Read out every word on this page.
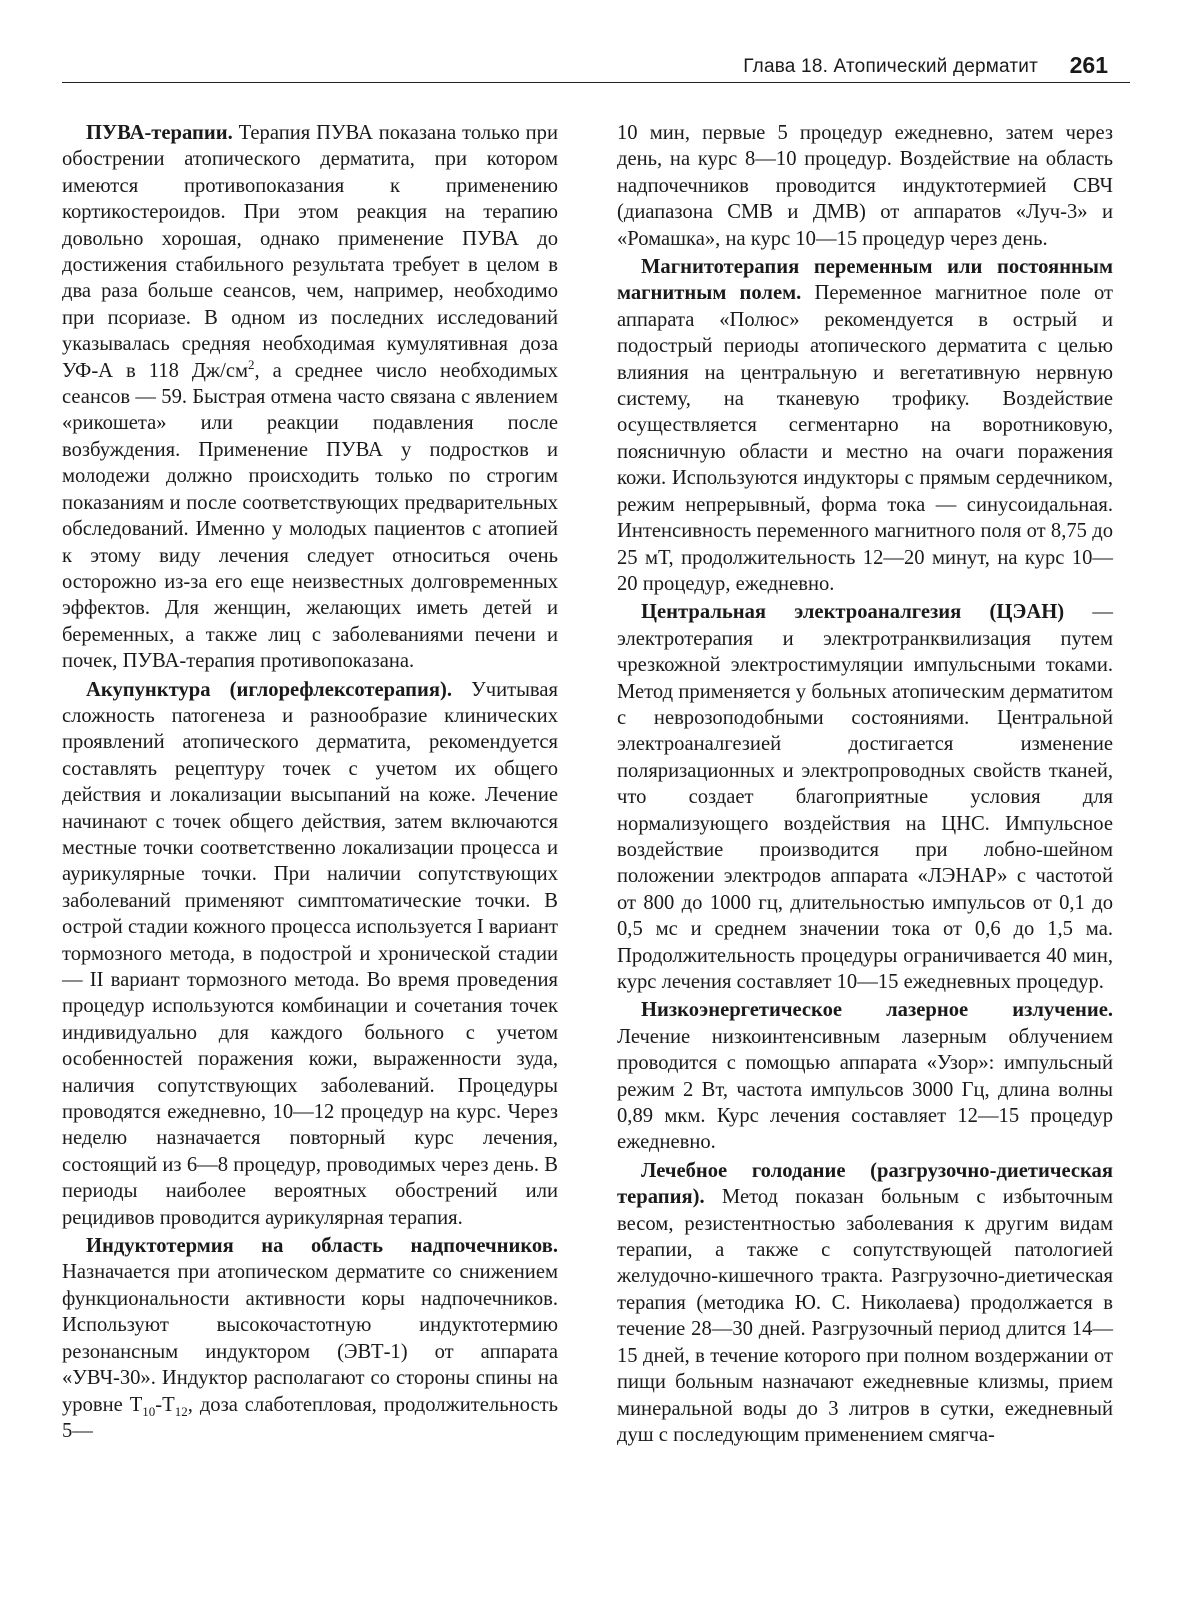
Глава 18. Атопический дерматит 261

ПУВА-терапии. Терапия ПУВА показана только при обострении атопического дерматита, при котором имеются противопоказания к применению кортикостероидов. При этом реакция на терапию довольно хорошая, однако применение ПУВА до достижения стабильного результата требует в целом в два раза больше сеансов, чем, например, необходимо при псориазе. В одном из последних исследований указывалась средняя необходимая кумулятивная доза УФ-А в 118 $Дж/см^2$, а среднее число необходимых сеансов — 59. Быстрая отмена часто связана с явлением «рикошета» или реакции подавления после возбуждения. Применение ПУВА у подростков и молодежи должно происходить только по строгим показаниям и после соответствующих предварительных обследований. Именно у молодых пациентов с атопией к этому виду лечения следует относиться очень осторожно из-за его еще неизвестных долговременных эффектов. Для женщин, желающих иметь детей и беременных, а также лиц с заболеваниями печени и почек, ПУВА-терапия противопоказана.

Акупунктура (иглорефлексотерапия). Учитывая сложность патогенеза и разнообразие клинических проявлений атопического дерматита, рекомендуется составлять рецептуру точек с учетом их общего действия и локализации высыпаний на коже. Лечение начинают с точек общего действия, затем включаются местные точки соответственно локализации процесса и аурикулярные точки. При наличии сопутствующих заболеваний применяют симптоматические точки. В острой стадии кожного процесса используется I вариант тормозного метода, в подострой и хронической стадии — II вариант тормозного метода. Во время проведения процедур используются комбинации и сочетания точек индивидуально для каждого больного с учетом особенностей поражения кожи, выраженности зуда, наличия сопутствующих заболеваний. Процедуры проводятся ежедневно, 10—12 процедур на курс. Через неделю назначается повторный курс лечения, состоящий из 6—8 процедур, проводимых через день. В периоды наиболее вероятных обострений или рецидивов проводится аурикулярная терапия.

Индуктотермия на область надпочечников. Назначается при атопическом дерматите со снижением функциональности активности коры надпочечников. Используют высокочастотную индуктотермию резонансным индуктором (ЭВТ-1) от аппарата «УВЧ-30». Индуктор располагают со стороны спины на уровне $T_{10}-T_{12}$, доза слаботепловая, продолжительность 5—

10 мин, первые 5 процедур ежедневно, затем через день, на курс 8—10 процедур. Воздействие на область надпочечников проводится индуктотермией СВЧ (диапазона СМВ и ДМВ) от аппаратов «Луч-3» и «Ромашка», на курс 10—15 процедур через день.

Магнитотерапия переменным или постоянным магнитным полем. Переменное магнитное поле от аппарата «Полюс» рекомендуется в острый и подострый периоды атопического дерматита с целью влияния на центральную и вегетативную нервную систему, на тканевую трофику. Воздействие осуществляется сегментарно на воротниковую, поясничную области и местно на очаги поражения кожи. Используются индукторы с прямым сердечником, режим непрерывный, форма тока — синусоидальная. Интенсивность переменного магнитного поля от 8,75 до 25 мТ, продолжительность 12—20 минут, на курс 10—20 процедур, ежедневно.

Центральная электроаналгезия (ЦЭАН) — электротерапия и электротранквилизация путем чрезкожной электростимуляции импульсными токами. Метод применяется у больных атопическим дерматитом с неврозоподобными состояниями. Центральной электроаналгезией достигается изменение поляризационных и электропроводных свойств тканей, что создает благоприятные условия для нормализующего воздействия на ЦНС. Импульсное воздействие производится при лобно-шейном положении электродов аппарата «ЛЭНАР» с частотой от 800 до 1000 гц, длительностью импульсов от 0,1 до 0,5 мс и среднем значении тока от 0,6 до 1,5 ма. Продолжительность процедуры ограничивается 40 мин, курс лечения составляет 10—15 ежедневных процедур.

Низкоэнергетическое лазерное излучение. Лечение низкоинтенсивным лазерным облучением проводится с помощью аппарата «Узор»: импульсный режим 2 Вт, частота импульсов 3000 Гц, длина волны 0,89 мкм. Курс лечения составляет 12—15 процедур ежедневно.

Лечебное голодание (разгрузочно-диетическая терапия). Метод показан больным с избыточным весом, резистентностью заболевания к другим видам терапии, а также с сопутствующей патологией желудочно-кишечного тракта. Разгрузочно-диетическая терапия (методика Ю. С. Николаева) продолжается в течение 28—30 дней. Разгрузочный период длится 14—15 дней, в течение которого при полном воздержании от пищи больным назначают ежедневные клизмы, прием минеральной воды до 3 литров в сутки, ежедневный душ с последующим применением смягча-
